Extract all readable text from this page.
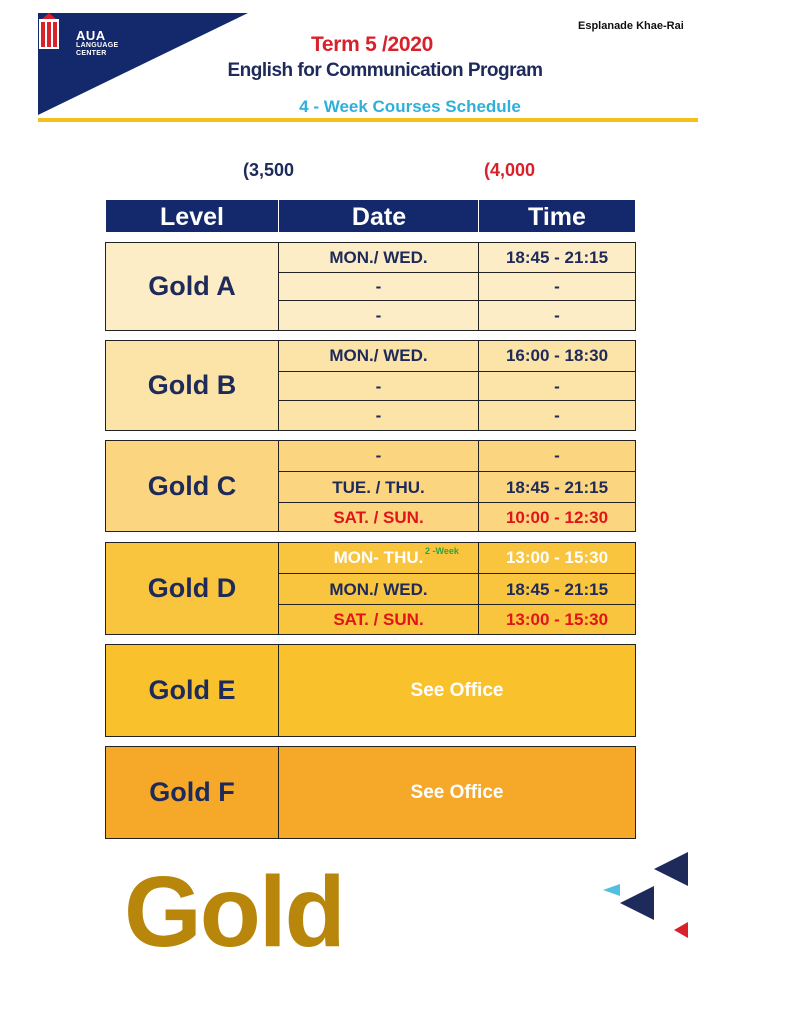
AUA
LANGUAGE
CENTER
Esplanade Khae-Rai
Term 5 /2020
English for Communication Program
4 - Week Courses Schedule
(3,500	(4,000
Level	Date	Time
Gold A
MON./ WED.	18:45 - 21:15
-	-
-	-
Gold B
MON./ WED.	16:00 - 18:30
-	-
-	-
Gold C
-	-
TUE. / THU.	18:45 - 21:15
SAT. / SUN.	10:00 - 12:30
Gold D
MON- THU. 2 -Week	13:00 - 15:30
MON./ WED.	18:45 - 21:15
SAT. / SUN.	13:00 - 15:30
Gold E	See Office
Gold F	See Office
Gold
